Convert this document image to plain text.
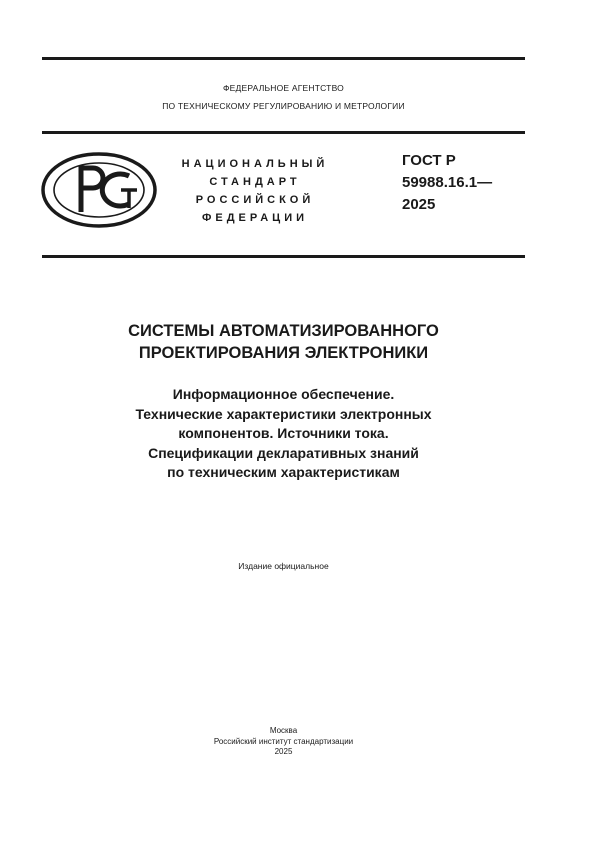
ФЕДЕРАЛЬНОЕ АГЕНТСТВО
ПО ТЕХНИЧЕСКОМУ РЕГУЛИРОВАНИЮ И МЕТРОЛОГИИ
НАЦИОНАЛЬНЫЙ
СТАНДАРТ
РОССИЙСКОЙ
ФЕДЕРАЦИИ
ГОСТ Р
59988.16.1—
2025
СИСТЕМЫ АВТОМАТИЗИРОВАННОГО
ПРОЕКТИРОВАНИЯ ЭЛЕКТРОНИКИ
Информационное обеспечение.
Технические характеристики электронных
компонентов. Источники тока.
Спецификации декларативных знаний
по техническим характеристикам
Издание официальное
Москва
Российский институт стандартизации
2025
